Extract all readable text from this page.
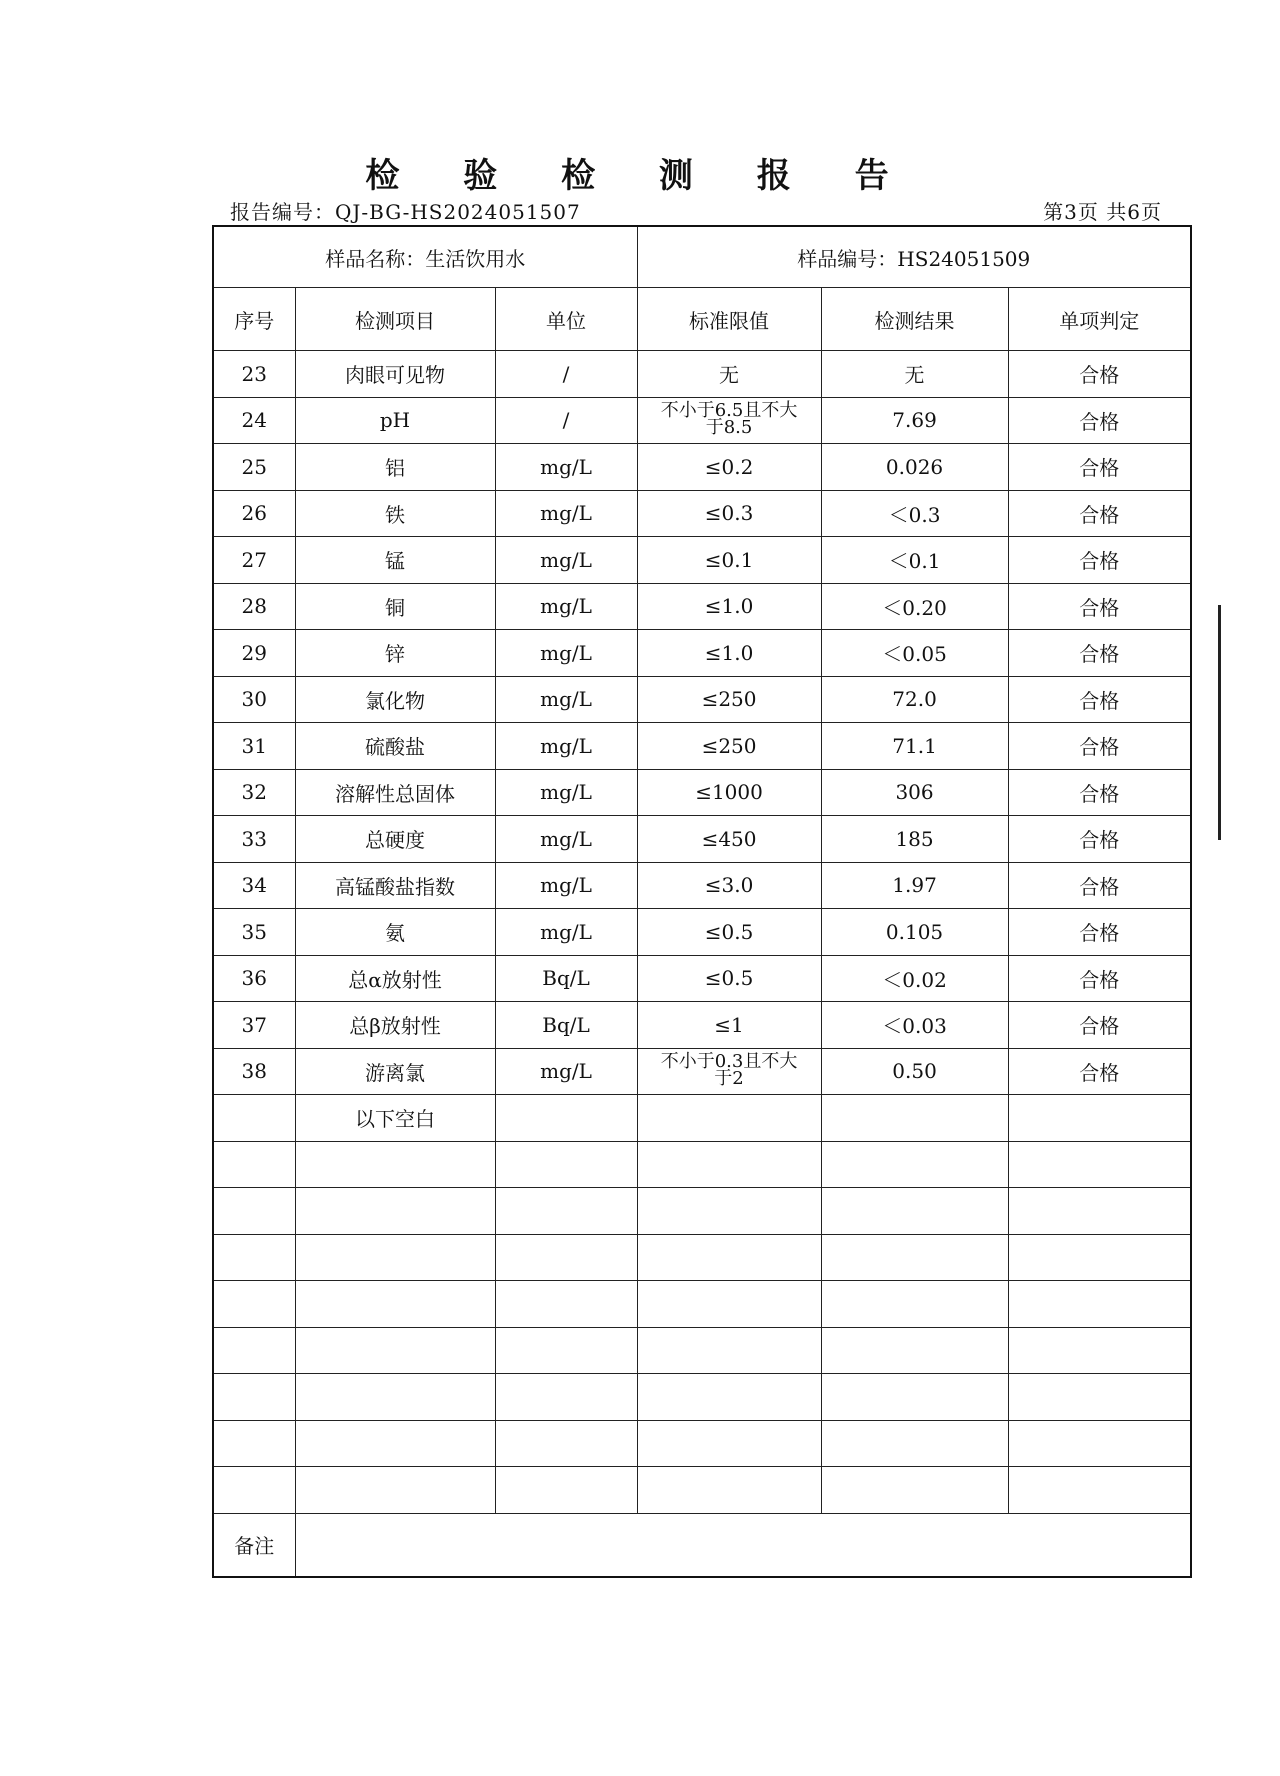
检 验 检 测 报 告
报告编号：QJ-BG-HS2024051507	第3页 共6页
样品名称：生活饮用水			样品编号：HS24051509		
序号	检测项目	单位	标准限值	检测结果	单项判定
23	肉眼可见物	/	无	无	合格
24	pH	/	不小于6.5且不大于8.5	7.69	合格
25	铝	mg/L	≤0.2	0.026	合格
26	铁	mg/L	≤0.3	＜0.3	合格
27	锰	mg/L	≤0.1	＜0.1	合格
28	铜	mg/L	≤1.0	＜0.20	合格
29	锌	mg/L	≤1.0	＜0.05	合格
30	氯化物	mg/L	≤250	72.0	合格
31	硫酸盐	mg/L	≤250	71.1	合格
32	溶解性总固体	mg/L	≤1000	306	合格
33	总硬度	mg/L	≤450	185	合格
34	高锰酸盐指数	mg/L	≤3.0	1.97	合格
35	氨	mg/L	≤0.5	0.105	合格
36	总α放射性	Bq/L	≤0.5	＜0.02	合格
37	总β放射性	Bq/L	≤1	＜0.03	合格
38	游离氯	mg/L	不小于0.3且不大于2	0.50	合格
	以下空白				

备注					
